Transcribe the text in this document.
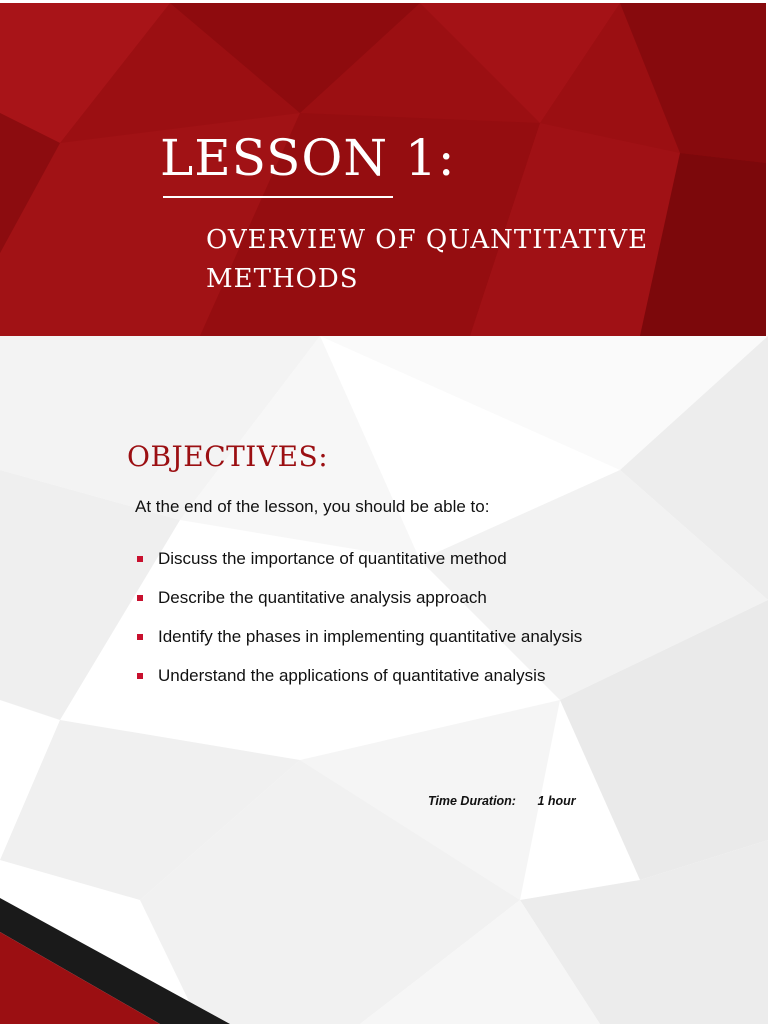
LESSON 1:
OVERVIEW OF QUANTITATIVE METHODS
OBJECTIVES:

At the end of the lesson, you should be able to:

Discuss the importance of quantitative method
Describe the quantitative analysis approach
Identify the phases in implementing quantitative analysis
Understand the applications of quantitative analysis
Time Duration: 1 hour
